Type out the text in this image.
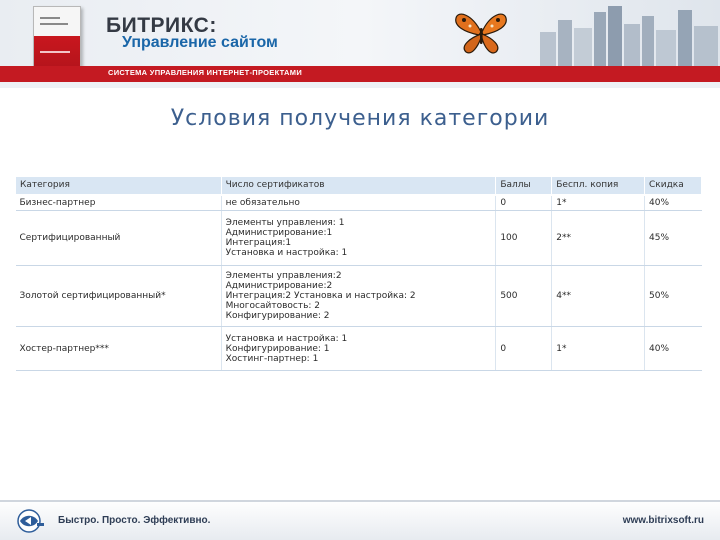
БИТРИКС:
Управление сайтом
СИСТЕМА УПРАВЛЕНИЯ ИНТЕРНЕТ-ПРОЕКТАМИ
Условия получения категории
Категория	Число сертификатов	Баллы	Беспл. копия	Скидка
Бизнес-партнер	не обязательно	0	1*	40%
Сертифицированный	Элементы управления: 1
Администрирование:1
Интеграция:1
Установка и настройка: 1	100	2**	45%
Золотой сертифицированный*	Элементы управления:2
Администрирование:2
Интеграция:2 Установка и настройка: 2
Многосайтовость: 2
Конфигурирование: 2	500	4**	50%
Хостер-партнер***	Установка и настройка: 1
Конфигурирование: 1
Хостинг-партнер: 1	0	1*	40%
Быстро. Просто. Эффективно.	www.bitrixsoft.ru
